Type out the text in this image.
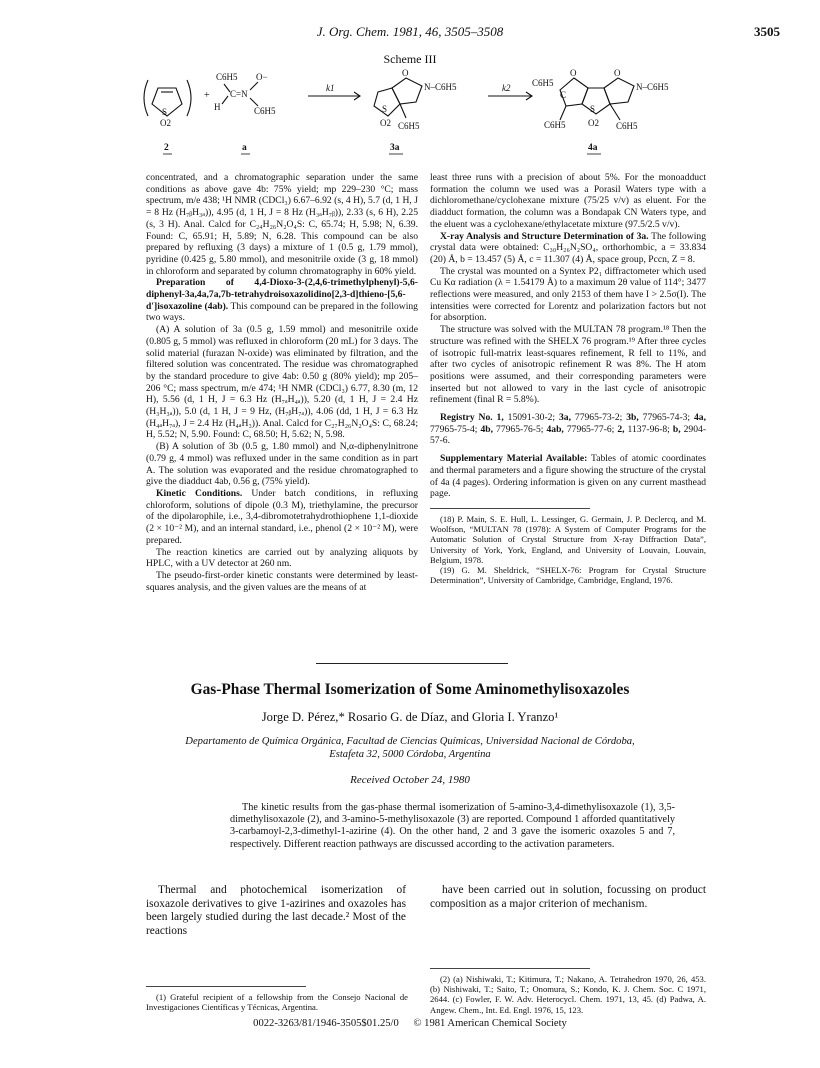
J. Org. Chem. 1981, 46, 3505–3508	3505
Scheme III
S
O2
+
C6H5
C=N
O−
H	C6H5
k1
S
O2
O
N–C6H5
C6H5
k2 C6H5
O
C
S
O2
O
N–C6H5
C6H5	C6H5
2	a	3a	4a

concentrated, and a chromatographic separation under the same conditions as above gave 4b: 75% yield; mp 229–230 °C; mass spectrum, m/e 438; ¹H NMR (CDCl₃) 6.67–6.92 (s, 4 H), 5.7 (d, 1 H, J = 8 Hz (H₇ᵦH₃ₐ)), 4.95 (d, 1 H, J = 8 Hz (H₃ₐH₇ᵦ)), 2.33 (s, 6 H), 2.25 (s, 3 H). Anal. Calcd for C₂₄H₂₆N₂O₄S: C, 65.74; H, 5.98; N, 6.39. Found: C, 65.91; H, 5.89; N, 6.28. This compound can be also prepared by refluxing (3 days) a mixture of 1 (0.5 g, 1.79 mmol), pyridine (0.425 g, 5.80 mmol), and mesonitrile oxide (3 g, 18 mmol) in chloroform and separated by column chromatography in 60% yield.

Preparation of 4,4-Dioxo-3-(2,4,6-trimethylphenyl)-5,6-diphenyl-3a,4a,7a,7b-tetrahydroisoxazolidino[2,3-d]thieno-[5,6-d′]isoxazoline (4ab). This compound can be prepared in the following two ways.

(A) A solution of 3a (0.5 g, 1.59 mmol) and mesonitrile oxide (0.805 g, 5 mmol) was refluxed in chloroform (20 mL) for 3 days. The solid material (furazan N-oxide) was eliminated by filtration, and the filtered solution was concentrated. The residue was chromatographed by the standard procedure to give 4ab: 0.50 g (80% yield); mp 205–206 °C; mass spectrum, m/e 474; ¹H NMR (CDCl₃) 6.77, 8.30 (m, 12 H), 5.56 (d, 1 H, J = 6.3 Hz (H₇ₐH₄ₐ)), 5.20 (d, 1 H, J = 2.4 Hz (H₃H₃ₐ)), 5.0 (d, 1 H, J = 9 Hz, (H₇ᵦH₇ₐ)), 4.06 (dd, 1 H, J = 6.3 Hz (H₄ₐH₇ₐ), J = 2.4 Hz (H₄ₐH₃)). Anal. Calcd for C₂₇H₂₆N₂O₄S: C, 68.24; H, 5.52; N, 5.90. Found: C, 68.50; H, 5.62; N, 5.98.

(B) A solution of 3b (0.5 g, 1.80 mmol) and N,α-diphenylnitrone (0.79 g, 4 mmol) was refluxed under in the same condition as in part A. The solution was evaporated and the residue chromatographed to give the diadduct 4ab, 0.56 g, (75% yield).

Kinetic Conditions. Under batch conditions, in refluxing chloroform, solutions of dipole (0.3 M), triethylamine, the precursor of the dipolarophile, i.e., 3,4-dibromotetrahydrothiophene 1,1-dioxide (2 × 10⁻² M), and an internal standard, i.e., phenol (2 × 10⁻² M), were prepared.

The reaction kinetics are carried out by analyzing aliquots by HPLC, with a UV detector at 260 nm.

The pseudo-first-order kinetic constants were determined by least-squares analysis, and the given values are the means of at

least three runs with a precision of about 5%. For the monoadduct formation the column we used was a Porasil Waters type with a dichloromethane/cyclohexane mixture (75/25 v/v) as eluent. For the diadduct formation, the column was a Bondapak CN Waters type, and the eluent was a cyclohexane/ethylacetate mixture (97.5/2.5 v/v).

X-ray Analysis and Structure Determination of 3a. The following crystal data were obtained: C₃₀H₂₆N₂SO₄, orthorhombic, a = 33.834 (20) Å, b = 13.457 (5) Å, c = 11.307 (4) Å, space group, Pccn, Z = 8.

The crystal was mounted on a Syntex P2₁ diffractometer which used Cu Kα radiation (λ = 1.54179 Å) to a maximum 2θ value of 114°; 3477 reflections were measured, and only 2153 of them have I > 2.5σ(I). The intensities were corrected for Lorentz and polarization factors but not for absorption.

The structure was solved with the MULTAN 78 program.¹⁸ Then the structure was refined with the SHELX 76 program.¹⁹ After three cycles of isotropic full-matrix least-squares refinement, R fell to 11%, and after two cycles of anisotropic refinement R was 8%. The H atom positions were assumed, and their corresponding parameters were inserted but not allowed to vary in the last cycle of anisotropic refinement (final R = 5.8%).

Registry No. 1, 15091-30-2; 3a, 77965-73-2; 3b, 77965-74-3; 4a, 77965-75-4; 4b, 77965-76-5; 4ab, 77965-77-6; 2, 1137-96-8; b, 2904-57-6.

Supplementary Material Available: Tables of atomic coordinates and thermal parameters and a figure showing the structure of the crystal of 4a (4 pages). Ordering information is given on any current masthead page.

(18) P. Main, S. E. Hull, L. Lessinger, G. Germain, J. P. Declercq, and M. Woolfson, “MULTAN 78 (1978): A System of Computer Programs for the Automatic Solution of Crystal Structure from X-ray Diffraction Data”, University of York, York, England, and University of Louvain, Louvain, Belgium, 1978.

(19) G. M. Sheldrick, “SHELX-76: Program for Crystal Structure Determination”, University of Cambridge, Cambridge, England, 1976.

Gas-Phase Thermal Isomerization of Some Aminomethylisoxazoles
Jorge D. Pérez,* Rosario G. de Díaz, and Gloria I. Yranzo¹
Departamento de Química Orgánica, Facultad de Ciencias Químicas, Universidad Nacional de Córdoba,
Estafeta 32, 5000 Córdoba, Argentina
Received October 24, 1980
The kinetic results from the gas-phase thermal isomerization of 5-amino-3,4-dimethylisoxazole (1), 3,5-dimethylisoxazole (2), and 3-amino-5-methylisoxazole (3) are reported. Compound 1 afforded quantitatively 3-carbamoyl-2,3-dimethyl-1-azirine (4). On the other hand, 2 and 3 gave the isomeric oxazoles 5 and 7, respectively. Different reaction pathways are discussed according to the activation parameters.
Thermal and photochemical isomerization of isoxazole derivatives to give 1-azirines and oxazoles has been largely studied during the last decade.² Most of the reactions
have been carried out in solution, focussing on product composition as a major criterion of mechanism.
(1) Grateful recipient of a fellowship from the Consejo Nacional de Investigaciones Científicas y Técnicas, Argentina.
(2) (a) Nishiwaki, T.; Kitimura, T.; Nakano, A. Tetrahedron 1970, 26, 453. (b) Nishiwaki, T.; Saito, T.; Onomura, S.; Kondo, K. J. Chem. Soc. C 1971, 2644. (c) Fowler, F. W. Adv. Heterocycl. Chem. 1971, 13, 45. (d) Padwa, A. Angew. Chem., Int. Ed. Engl. 1976, 15, 123.
0022-3263/81/1946-3505$01.25/0 © 1981 American Chemical Society
